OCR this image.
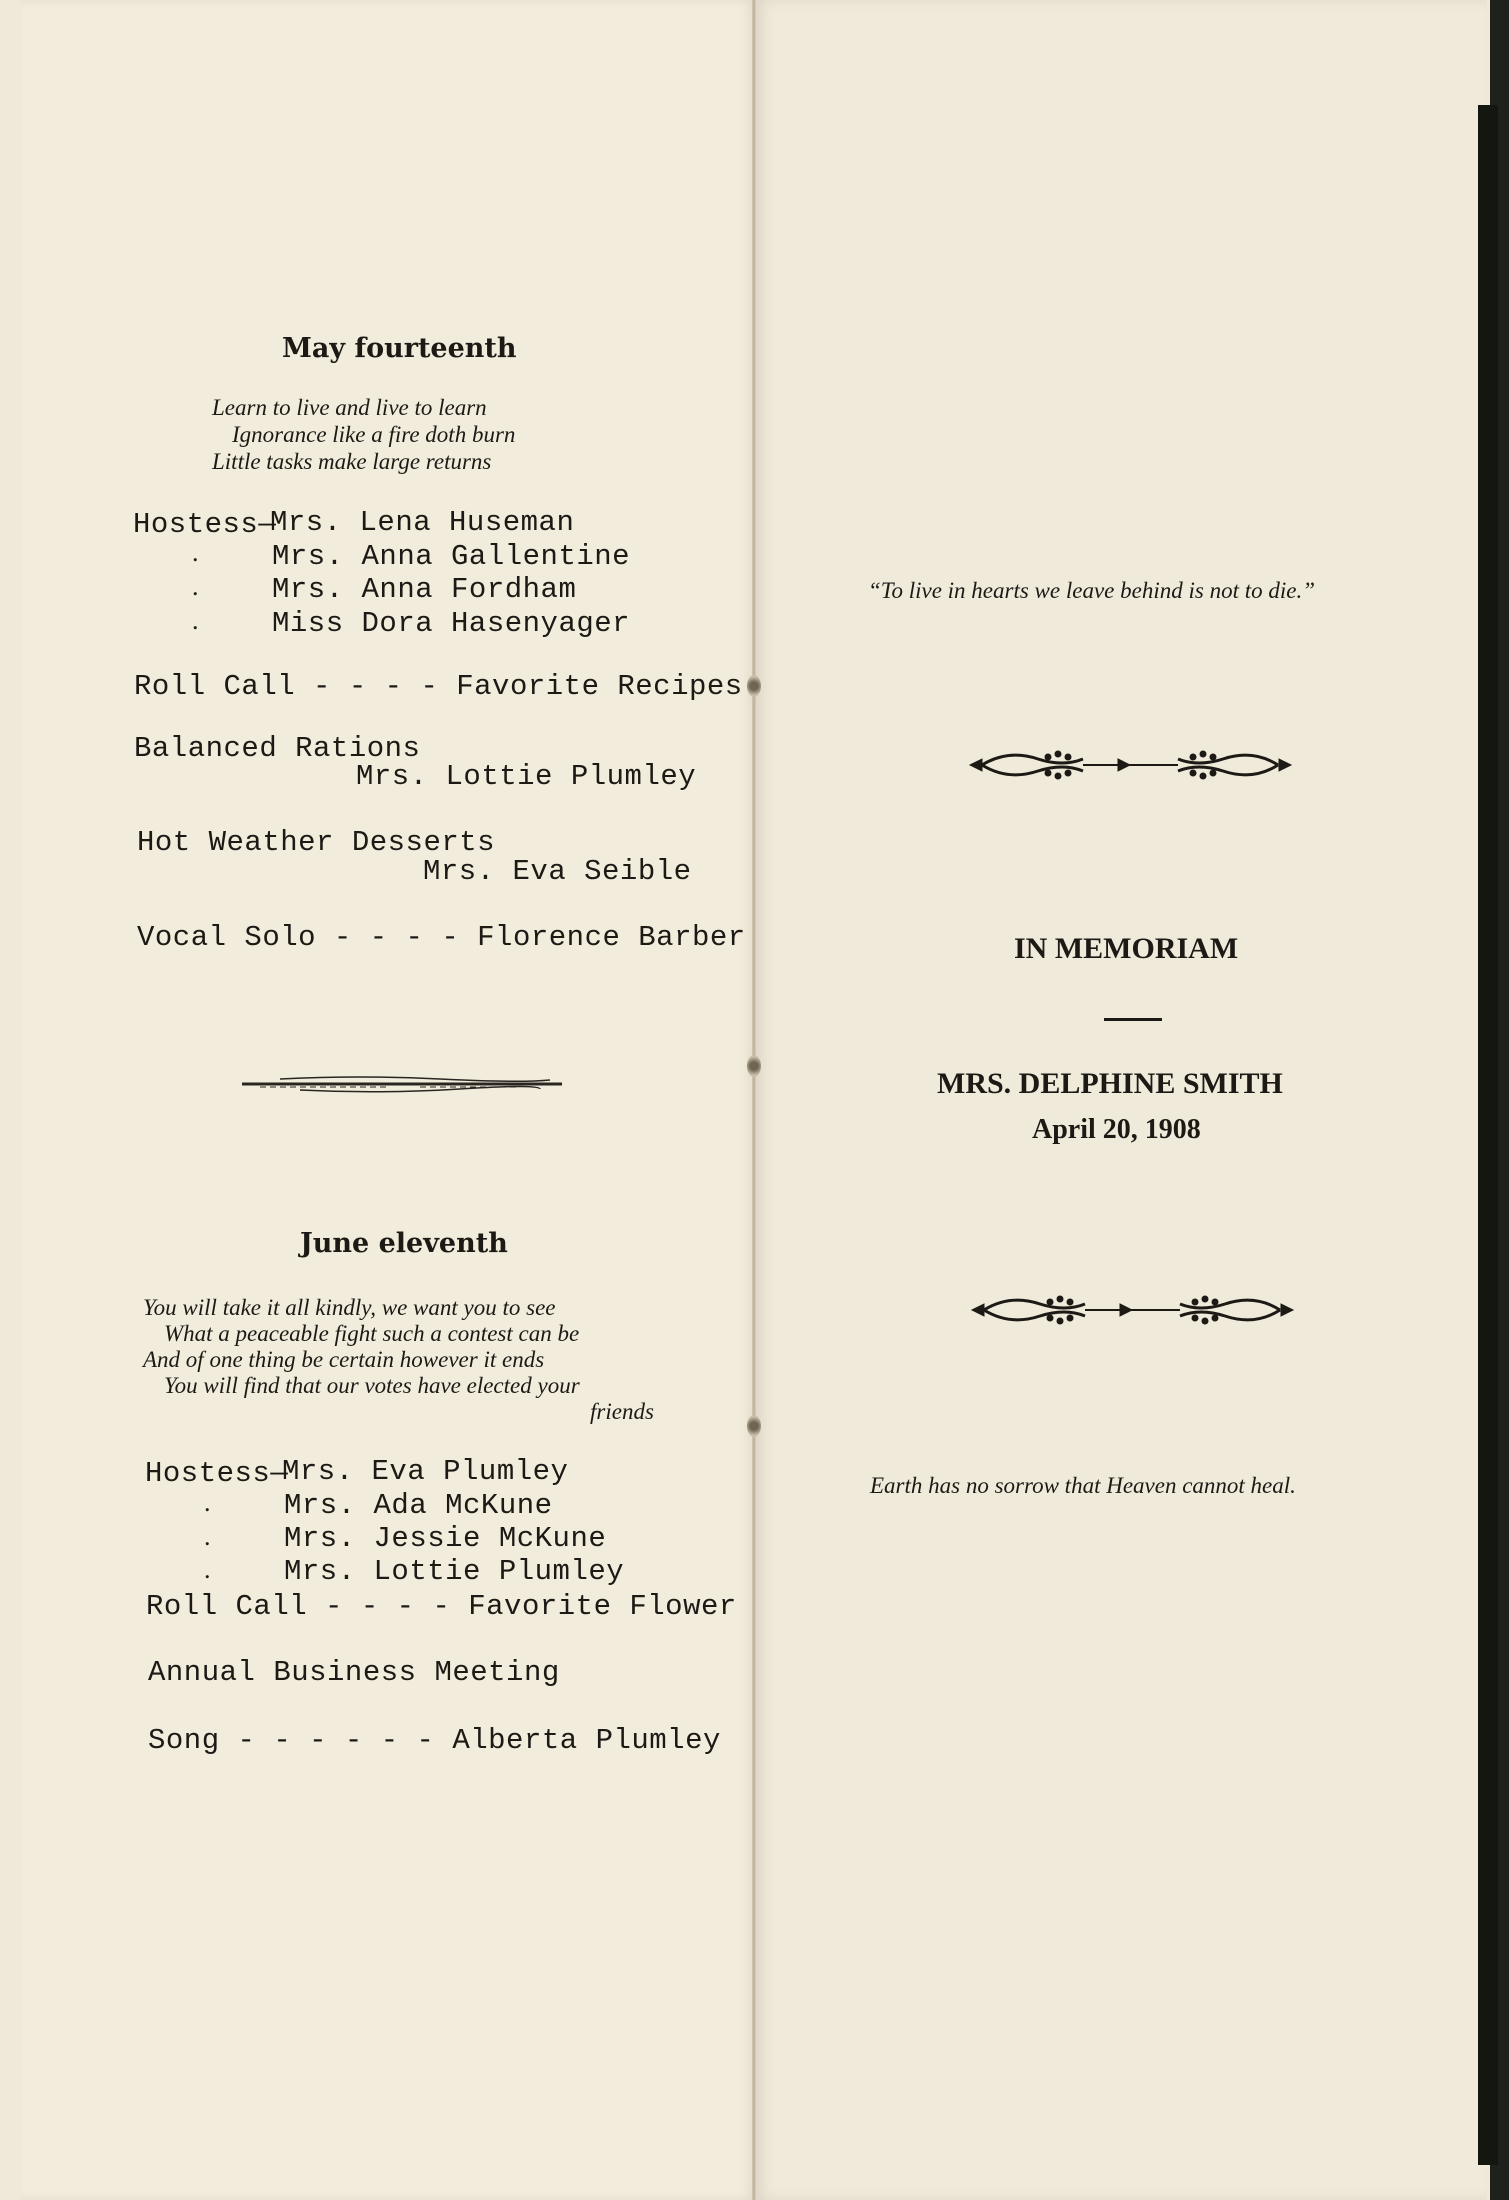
May fourteenth
Learn to live and live to learn
Ignorance like a fire doth burn
Little tasks make large returns
Hostess—
Mrs. Lena Huseman
.	Mrs. Anna Gallentine
.	Mrs. Anna Fordham
.	Miss Dora Hasenyager
Roll Call - - - - Favorite Recipes
Balanced Rations
Mrs. Lottie Plumley
Hot Weather Desserts
Mrs. Eva Seible
Vocal Solo - - - - Florence Barber
June eleventh
You will take it all kindly, we want you to see
What a peaceable fight such a contest can be
And of one thing be certain however it ends
You will find that our votes have elected your
friends
Hostess—
Mrs. Eva Plumley
.	Mrs. Ada McKune
.	Mrs. Jessie McKune
.	Mrs. Lottie Plumley
Roll Call - - - - Favorite Flower
Annual Business Meeting
Song - - - - - - Alberta Plumley
“To live in hearts we leave behind is not to die.”
IN MEMORIAM
MRS. DELPHINE SMITH
April 20, 1908
Earth has no sorrow that Heaven cannot heal.
